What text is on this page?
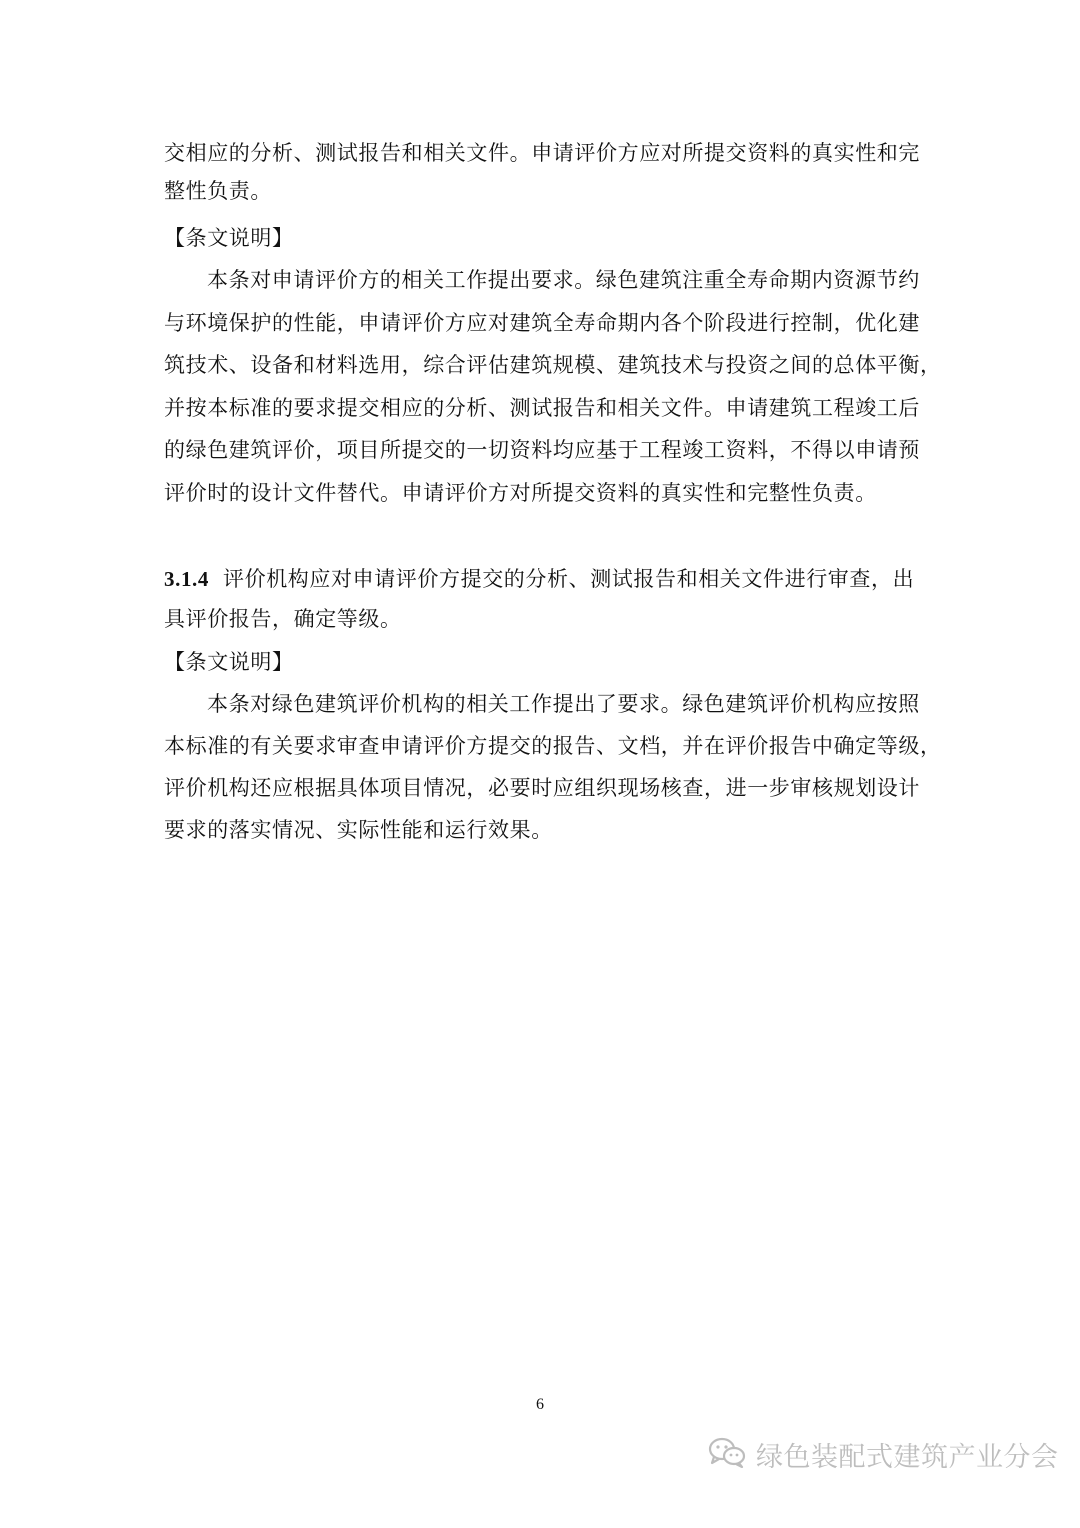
交相应的分析、测试报告和相关文件。申请评价方应对所提交资料的真实性和完
整性负责。
【条文说明】
本条对申请评价方的相关工作提出要求。绿色建筑注重全寿命期内资源节约
与环境保护的性能，申请评价方应对建筑全寿命期内各个阶段进行控制，优化建
筑技术、设备和材料选用，综合评估建筑规模、建筑技术与投资之间的总体平衡，
并按本标准的要求提交相应的分析、测试报告和相关文件。申请建筑工程竣工后
的绿色建筑评价，项目所提交的一切资料均应基于工程竣工资料，不得以申请预
评价时的设计文件替代。申请评价方对所提交资料的真实性和完整性负责。
3.1.4 评价机构应对申请评价方提交的分析、测试报告和相关文件进行审查，出
具评价报告，确定等级。
【条文说明】
本条对绿色建筑评价机构的相关工作提出了要求。绿色建筑评价机构应按照
本标准的有关要求审查申请评价方提交的报告、文档，并在评价报告中确定等级，
评价机构还应根据具体项目情况，必要时应组织现场核查，进一步审核规划设计
要求的落实情况、实际性能和运行效果。
6
绿色装配式建筑产业分会
